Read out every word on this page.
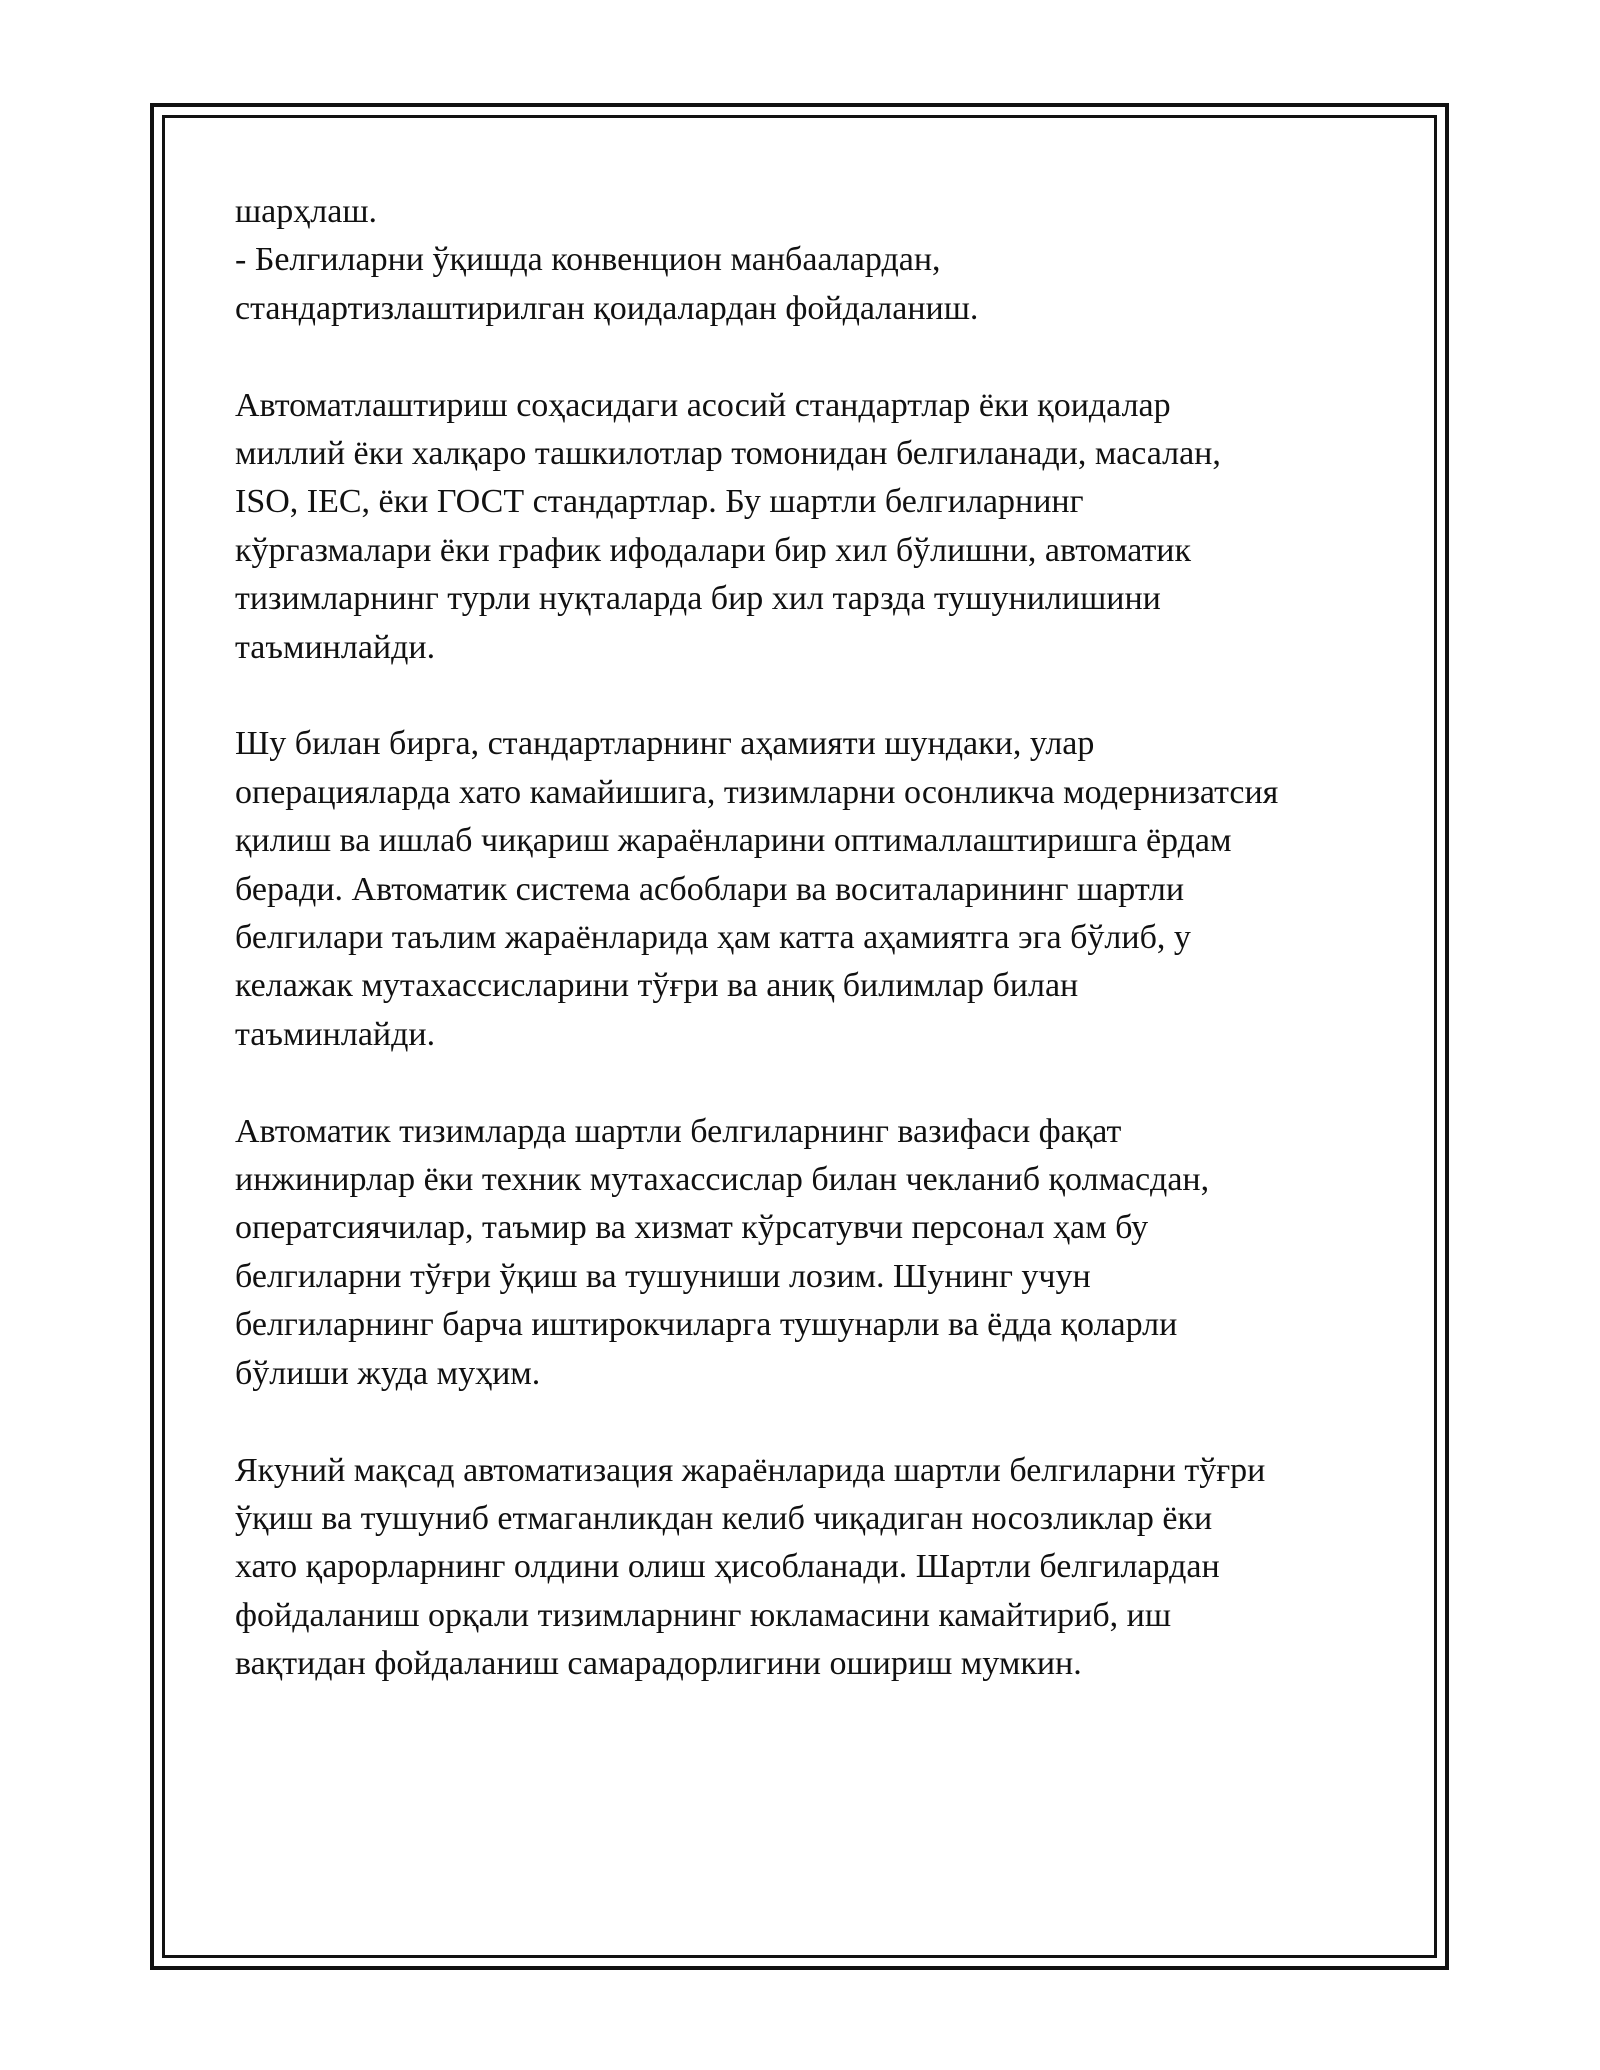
шарҳлаш.
- Белгиларни ўқишда конвенцион манбаалардан,
стандартизлаштирилган қоидалардан фойдаланиш.

Автоматлаштириш соҳасидаги асосий стандартлар ёки қоидалар
миллий ёки халқаро ташкилотлар томонидан белгиланади, масалан,
ISO, IEC, ёки ГОСТ стандартлар. Бу шартли белгиларнинг
кўргазмалари ёки график ифодалари бир хил бўлишни, автоматик
тизимларнинг турли нуқталарда бир хил тарзда тушунилишини
таъминлайди.

Шу билан бирга, стандартларнинг аҳамияти шундаки, улар
операцияларда хато камайишига, тизимларни осонликча модернизатсия
қилиш ва ишлаб чиқариш жараёнларини оптималлаштиришга ёрдам
беради. Автоматик система асбоблари ва воситаларининг шартли
белгилари таълим жараёнларида ҳам катта аҳамиятга эга бўлиб, у
келажак мутахассисларини тўғри ва аниқ билимлар билан
таъминлайди.

Автоматик тизимларда шартли белгиларнинг вазифаси фақат
инжинирлар ёки техник мутахассислар билан чекланиб қолмасдан,
оператсиячилар, таъмир ва хизмат кўрсатувчи персонал ҳам бу
белгиларни тўғри ўқиш ва тушуниши лозим. Шунинг учун
белгиларнинг барча иштирокчиларга тушунарли ва ёдда қоларли
бўлиши жуда муҳим.

Якуний мақсад автоматизация жараёнларида шартли белгиларни тўғри
ўқиш ва тушуниб етмаганликдан келиб чиқадиган носозликлар ёки
хато қарорларнинг олдини олиш ҳисобланади. Шартли белгилардан
фойдаланиш орқали тизимларнинг юкламасини камайтириб, иш
вақтидан фойдаланиш самарадорлигини ошириш мумкин.
